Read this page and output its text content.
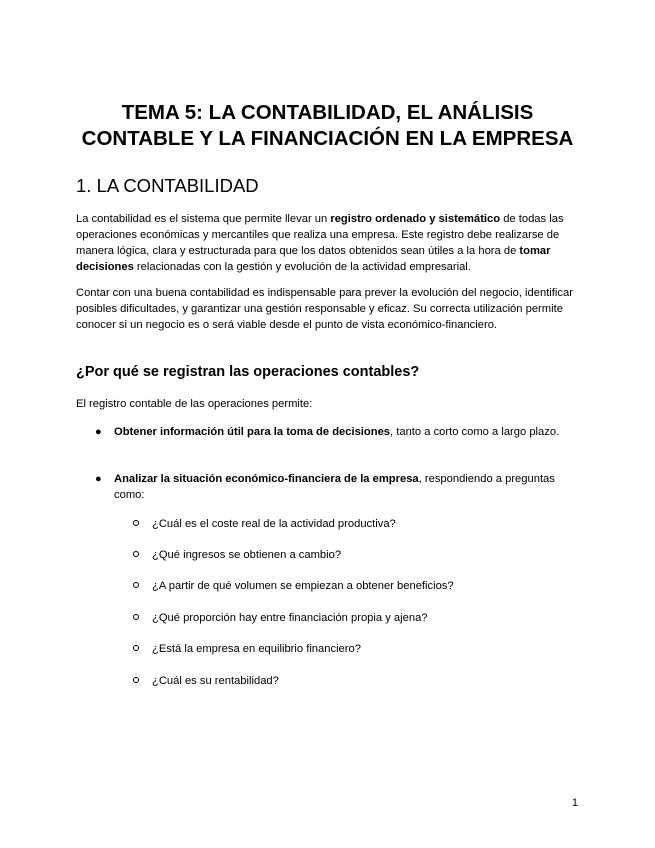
TEMA 5: LA CONTABILIDAD, EL ANÁLISIS
CONTABLE Y LA FINANCIACIÓN EN LA EMPRESA
1. LA CONTABILIDAD

La contabilidad es el sistema que permite llevar un registro ordenado y sistemático de todas las operaciones económicas y mercantiles que realiza una empresa. Este registro debe realizarse de manera lógica, clara y estructurada para que los datos obtenidos sean útiles a la hora de tomar decisiones relacionadas con la gestión y evolución de la actividad empresarial.

Contar con una buena contabilidad es indispensable para prever la evolución del negocio, identificar posibles dificultades, y garantizar una gestión responsable y eficaz. Su correcta utilización permite conocer si un negocio es o será viable desde el punto de vista económico-financiero.

¿Por qué se registran las operaciones contables?

El registro contable de las operaciones permite:

● Obtener información útil para la toma de decisiones, tanto a corto como a largo plazo.

● Analizar la situación económico-financiera de la empresa, respondiendo a preguntas como:

¿Cuál es el coste real de la actividad productiva?

¿Qué ingresos se obtienen a cambio?

¿A partir de qué volumen se empiezan a obtener beneficios?

¿Qué proporción hay entre financiación propia y ajena?

¿Está la empresa en equilibrio financiero?

¿Cuál es su rentabilidad?

1
